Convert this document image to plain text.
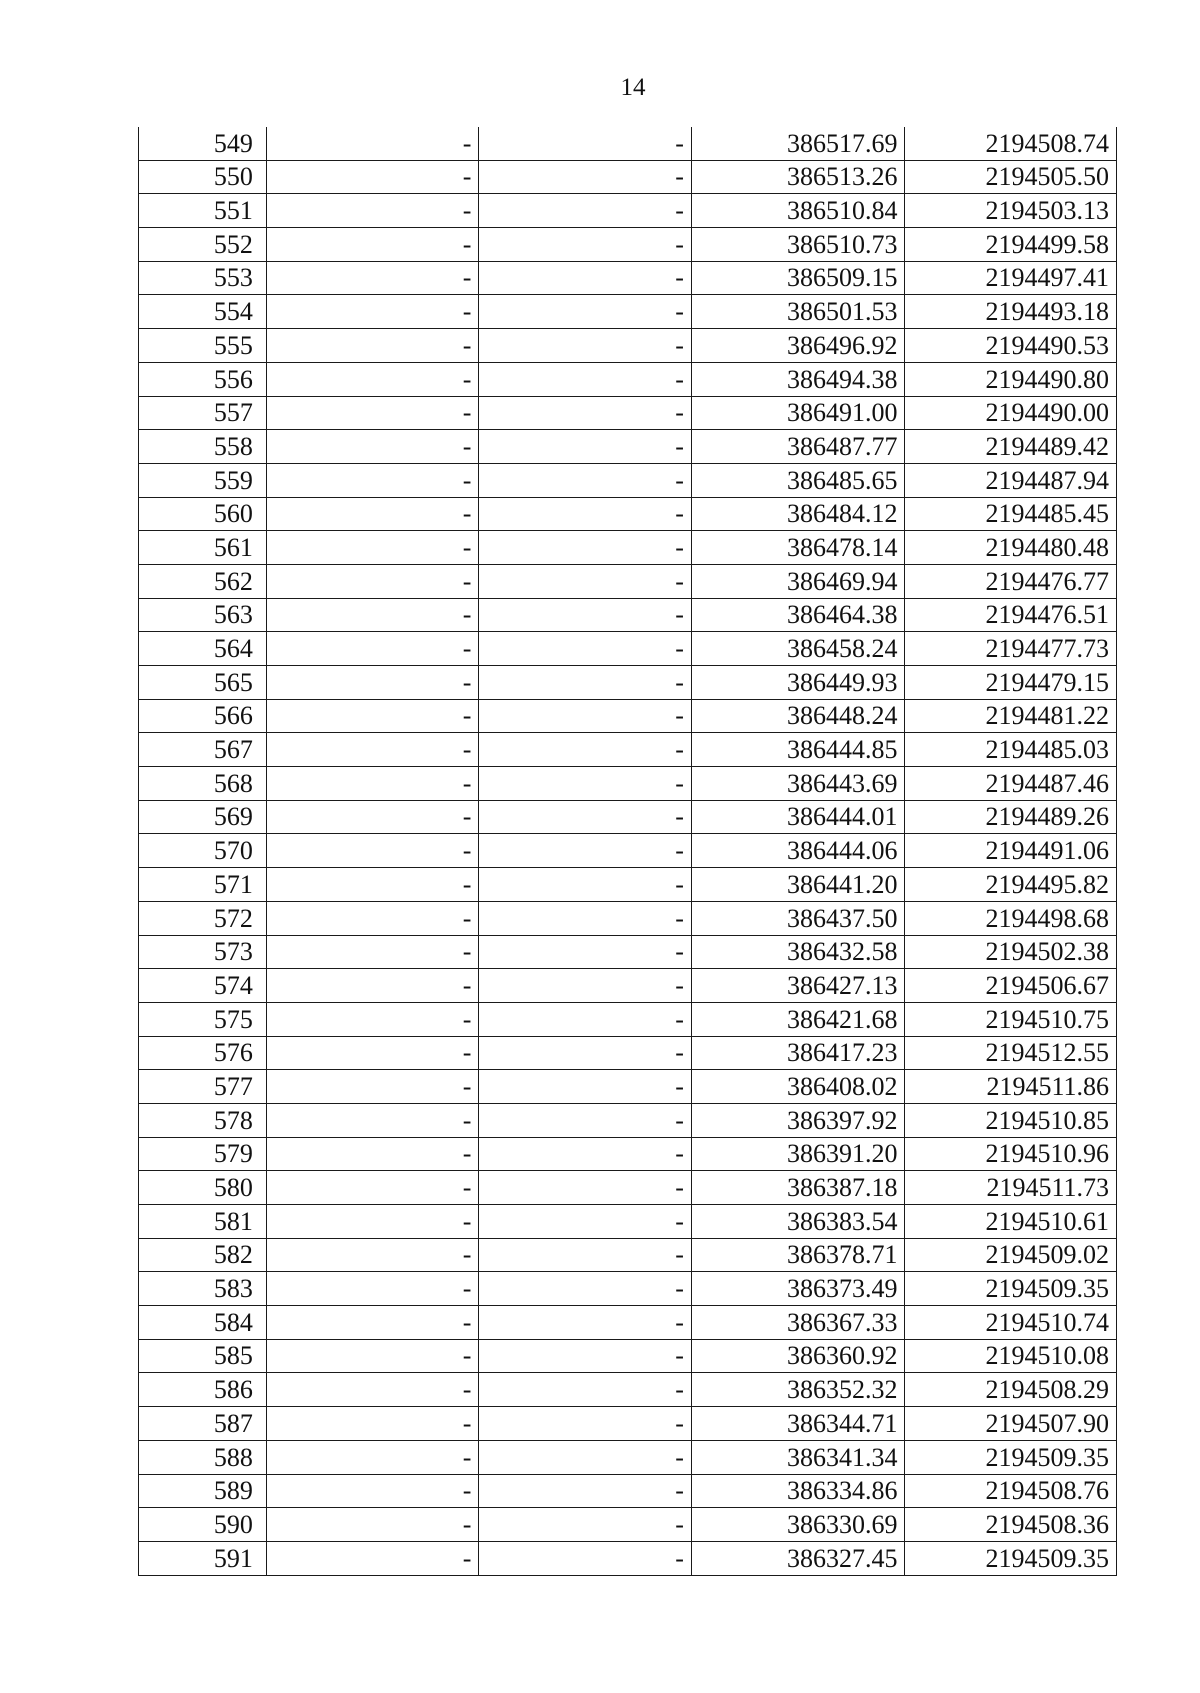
14
549	-	-	386517.69	2194508.74
550	-	-	386513.26	2194505.50
551	-	-	386510.84	2194503.13
552	-	-	386510.73	2194499.58
553	-	-	386509.15	2194497.41
554	-	-	386501.53	2194493.18
555	-	-	386496.92	2194490.53
556	-	-	386494.38	2194490.80
557	-	-	386491.00	2194490.00
558	-	-	386487.77	2194489.42
559	-	-	386485.65	2194487.94
560	-	-	386484.12	2194485.45
561	-	-	386478.14	2194480.48
562	-	-	386469.94	2194476.77
563	-	-	386464.38	2194476.51
564	-	-	386458.24	2194477.73
565	-	-	386449.93	2194479.15
566	-	-	386448.24	2194481.22
567	-	-	386444.85	2194485.03
568	-	-	386443.69	2194487.46
569	-	-	386444.01	2194489.26
570	-	-	386444.06	2194491.06
571	-	-	386441.20	2194495.82
572	-	-	386437.50	2194498.68
573	-	-	386432.58	2194502.38
574	-	-	386427.13	2194506.67
575	-	-	386421.68	2194510.75
576	-	-	386417.23	2194512.55
577	-	-	386408.02	2194511.86
578	-	-	386397.92	2194510.85
579	-	-	386391.20	2194510.96
580	-	-	386387.18	2194511.73
581	-	-	386383.54	2194510.61
582	-	-	386378.71	2194509.02
583	-	-	386373.49	2194509.35
584	-	-	386367.33	2194510.74
585	-	-	386360.92	2194510.08
586	-	-	386352.32	2194508.29
587	-	-	386344.71	2194507.90
588	-	-	386341.34	2194509.35
589	-	-	386334.86	2194508.76
590	-	-	386330.69	2194508.36
591	-	-	386327.45	2194509.35
